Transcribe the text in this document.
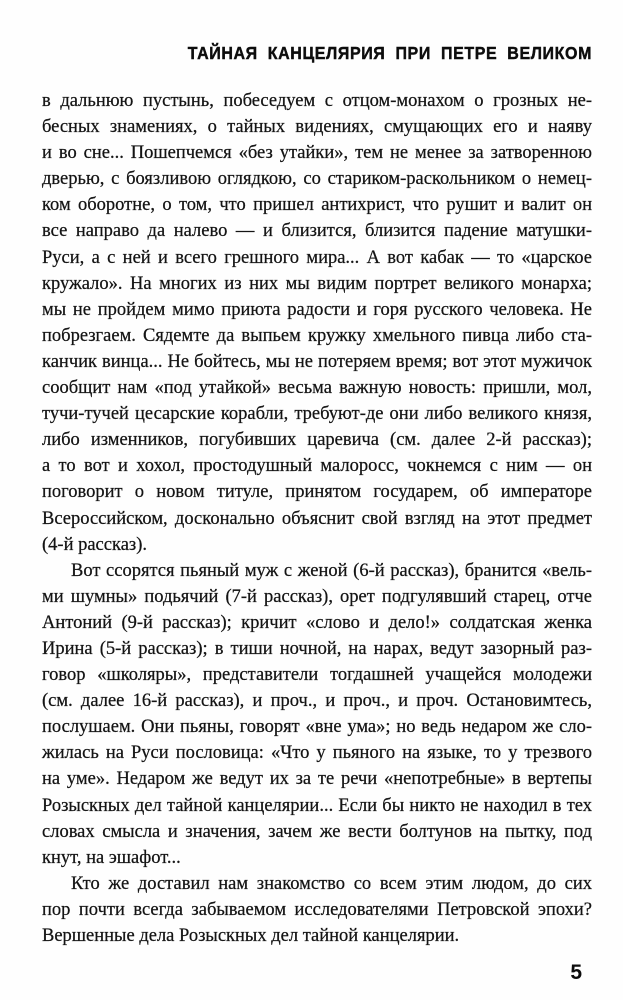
ТАЙНАЯ КАНЦЕЛЯРИЯ ПРИ ПЕТРЕ ВЕЛИКОМ
в дальнюю пустынь, побеседуем с отцом-монахом о грозных не-
бесных знамениях, о тайных видениях, смущающих его и наяву
и во сне... Пошепчемся «без утайки», тем не менее за затворенною
дверью, с боязливою оглядкою, со стариком-раскольником о немец-
ком оборотне, о том, что пришел антихрист, что рушит и валит он
все направо да налево — и близится, близится падение матушки-
Руси, а с ней и всего грешного мира... А вот кабак — то «царское
кружало». На многих из них мы видим портрет великого монарха;
мы не пройдем мимо приюта радости и горя русского человека. Не
побрезгаем. Сядемте да выпьем кружку хмельного пивца либо ста-
канчик винца... Не бойтесь, мы не потеряем время; вот этот мужичок
сообщит нам «под утайкой» весьма важную новость: пришли, мол,
тучи-тучей цесарские корабли, требуют-де они либо великого князя,
либо изменников, погубивших царевича (см. далее 2-й рассказ);
а то вот и хохол, простодушный малоросс, чокнемся с ним — он
поговорит о новом титуле, принятом государем, об императоре
Всероссийском, досконально объяснит свой взгляд на этот предмет
(4-й рассказ).
Вот ссорятся пьяный муж с женой (6-й рассказ), бранится «вель-
ми шумны» подьячий (7-й рассказ), орет подгулявший старец, отче
Антоний (9-й рассказ); кричит «слово и дело!» солдатская женка
Ирина (5-й рассказ); в тиши ночной, на нарах, ведут зазорный раз-
говор «школяры», представители тогдашней учащейся молодежи
(см. далее 16-й рассказ), и проч., и проч., и проч. Остановимтесь,
послушаем. Они пьяны, говорят «вне ума»; но ведь недаром же сло-
жилась на Руси пословица: «Что у пьяного на языке, то у трезвого
на уме». Недаром же ведут их за те речи «непотребные» в вертепы
Розыскных дел тайной канцелярии... Если бы никто не находил в тех
словах смысла и значения, зачем же вести болтунов на пытку, под
кнут, на эшафот...
Кто же доставил нам знакомство со всем этим людом, до сих
пор почти всегда забываемом исследователями Петровской эпохи?
Вершенные дела Розыскных дел тайной канцелярии.
5
